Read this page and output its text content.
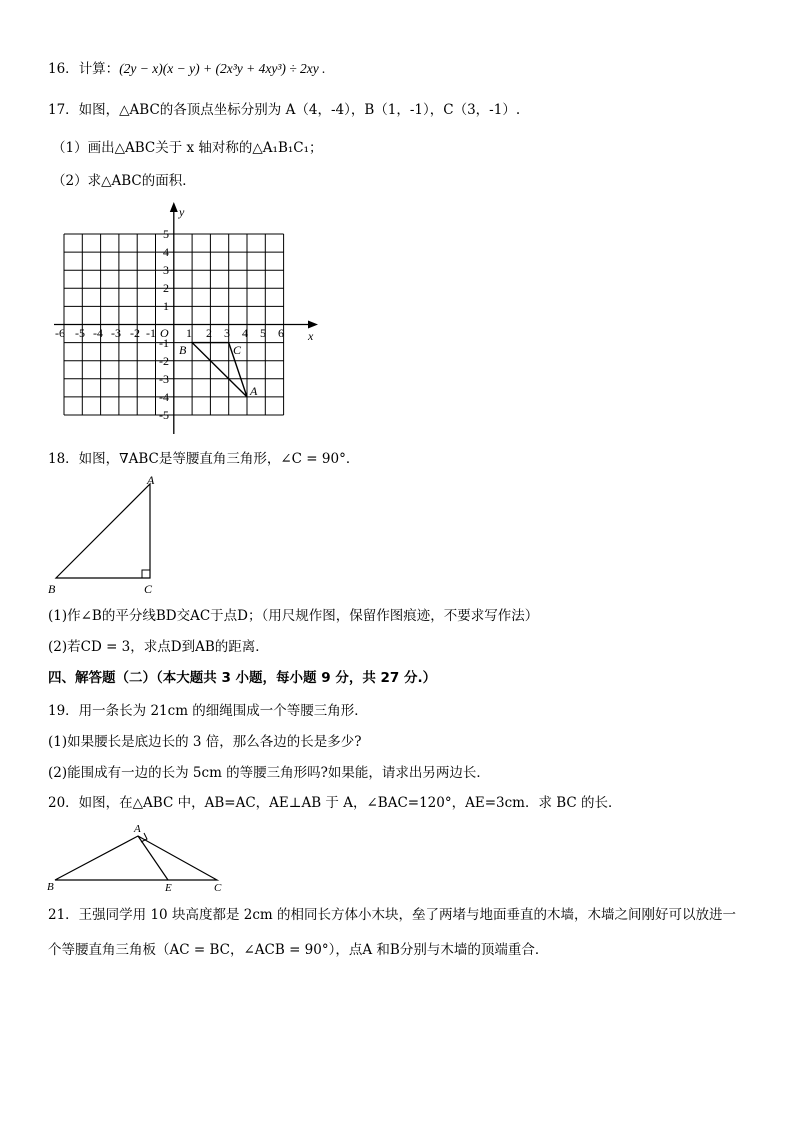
16．计算：(2y − x)(x − y) + (2x³y + 4xy³) ÷ 2xy .
17．如图，△ABC的各顶点坐标分别为 A（4，-4），B（1，-1），C（3，-1）.
（1）画出△ABC关于 x 轴对称的△A₁B₁C₁；
（2）求△ABC的面积．
x
y
O
-6 -5 -4 -3 -2 -1	1 2 3 4 5 6
5
4
3
2
1
-1
-2
-3
-4
-5
B	C
A
18．如图，∇ABC是等腰直角三角形，∠C = 90°．
A
B	C
(1)作∠B的平分线BD交AC于点D；（用尺规作图，保留作图痕迹，不要求写作法）
(2)若CD = 3，求点D到AB的距离．
四、解答题（二）（本大题共 3 小题，每小题 9 分，共 27 分.）
19．用一条长为 21cm 的细绳围成一个等腰三角形．
(1)如果腰长是底边长的 3 倍，那么各边的长是多少?
(2)能围成有一边的长为 5cm 的等腰三角形吗?如果能，请求出另两边长．
20．如图，在△ABC 中，AB=AC，AE⊥AB 于 A，∠BAC=120°，AE=3cm．求 BC 的长．
A
B	E	C
21．王强同学用 10 块高度都是 2cm 的相同长方体小木块，垒了两堵与地面垂直的木墙，木墙之间刚好可以放进一
个等腰直角三角板（AC = BC，∠ACB = 90°），点A 和B分别与木墙的顶端重合．
